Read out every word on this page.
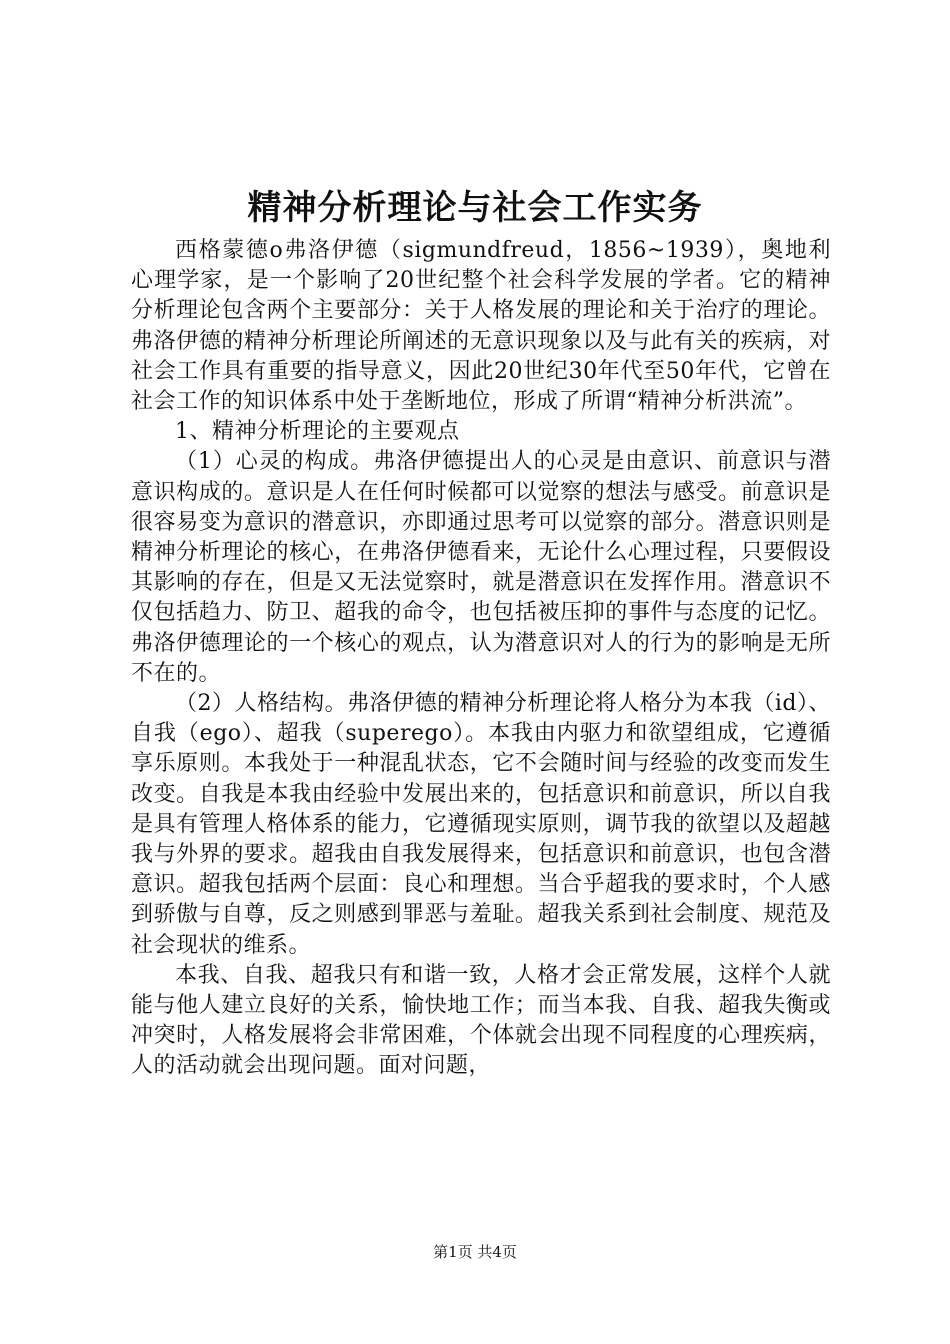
精神分析理论与社会工作实务

西格蒙德ο弗洛伊德（sigmundfreud，1856~1939），奥地利心理学家，是一个影响了20世纪整个社会科学发展的学者。它的精神分析理论包含两个主要部分：关于人格发展的理论和关于治疗的理论。弗洛伊德的精神分析理论所阐述的无意识现象以及与此有关的疾病，对社会工作具有重要的指导意义，因此20世纪30年代至50年代，它曾在社会工作的知识体系中处于垄断地位，形成了所谓“精神分析洪流”。

1、精神分析理论的主要观点

（1）心灵的构成。弗洛伊德提出人的心灵是由意识、前意识与潜意识构成的。意识是人在任何时候都可以觉察的想法与感受。前意识是很容易变为意识的潜意识，亦即通过思考可以觉察的部分。潜意识则是精神分析理论的核心，在弗洛伊德看来，无论什么心理过程，只要假设其影响的存在，但是又无法觉察时，就是潜意识在发挥作用。潜意识不仅包括趋力、防卫、超我的命令，也包括被压抑的事件与态度的记忆。弗洛伊德理论的一个核心的观点，认为潜意识对人的行为的影响是无所不在的。

（2）人格结构。弗洛伊德的精神分析理论将人格分为本我（id）、自我（ego）、超我（superego）。本我由内驱力和欲望组成，它遵循享乐原则。本我处于一种混乱状态，它不会随时间与经验的改变而发生改变。自我是本我由经验中发展出来的，包括意识和前意识，所以自我是具有管理人格体系的能力，它遵循现实原则，调节我的欲望以及超越我与外界的要求。超我由自我发展得来，包括意识和前意识，也包含潜意识。超我包括两个层面：良心和理想。当合乎超我的要求时，个人感到骄傲与自尊，反之则感到罪恶与羞耻。超我关系到社会制度、规范及社会现状的维系。

本我、自我、超我只有和谐一致，人格才会正常发展，这样个人就能与他人建立良好的关系，愉快地工作；而当本我、自我、超我失衡或冲突时，人格发展将会非常困难，个体就会出现不同程度的心理疾病，人的活动就会出现问题。面对问题，

第1页 共4页
